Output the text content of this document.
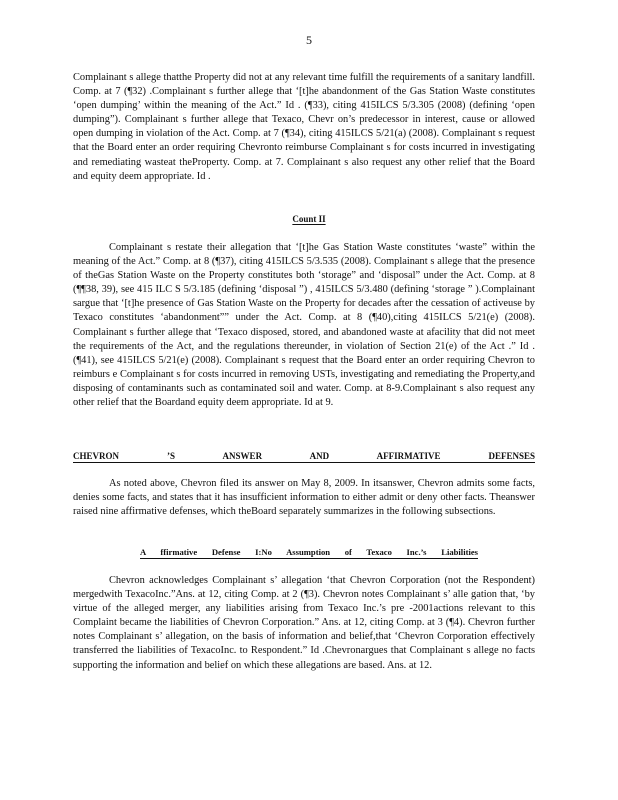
5

Complainant s allege thatthe Property did not at any relevant time fulfill the requirements of a sanitary landfill. Comp. at 7 (¶32) .Complainant s further allege that ‘[t]he abandonment of the Gas Station Waste constitutes ‘open dumping’ within the meaning of the Act.” Id . (¶33), citing 415ILCS 5/3.305 (2008) (defining ‘open dumping”). Complainant s further allege that Texaco, Chevr on’s predecessor in interest, cause or allowed open dumping in violation of the Act. Comp. at 7 (¶34), citing 415ILCS 5/21(a) (2008). Complainant s request that the Board enter an order requiring Chevronto reimburse Complainant s for costs incurred in investigating and remediating wasteat theProperty. Comp. at 7. Complainant s also request any other relief that the Board and equity deem appropriate. Id .

Count II

Complainant s restate their allegation that ‘[t]he Gas Station Waste constitutes ‘waste” within the meaning of the Act.” Comp. at 8 (¶37), citing 415ILCS 5/3.535 (2008). Complainant s allege that the presence of theGas Station Waste on the Property constitutes both ‘storage” and ‘disposal” under the Act. Comp. at 8 (¶¶38, 39), see 415 ILC S 5/3.185 (defining ‘disposal ”) , 415ILCS 5/3.480 (defining ‘storage ” ).Complainant sargue that ‘[t]he presence of Gas Station Waste on the Property for decades after the cessation of activeuse by Texaco constitutes ‘abandonment”” under the Act. Comp. at 8 (¶40),citing 415ILCS 5/21(e) (2008). Complainant s further allege that ‘Texaco disposed, stored, and abandoned waste at afacility that did not meet the requirements of the Act, and the regulations thereunder, in violation of Section 21(e) of the Act .” Id . (¶41), see 415ILCS 5/21(e) (2008). Complainant s request that the Board enter an order requiring Chevron to reimburs e Complainant s for costs incurred in removing USTs, investigating and remediating the Property,and disposing of contaminants such as contaminated soil and water. Comp. at 8-9.Complainant s also request any other relief that the Boardand equity deem appropriate. Id at 9.

CHEVRON ’S ANSWER AND AFFIRMATIVE DEFENSES

As noted above, Chevron filed its answer on May 8, 2009. In itsanswer, Chevron admits some facts, denies some facts, and states that it has insufficient information to either admit or deny other facts. Theanswer raised nine affirmative defenses, which theBoard separately summarizes in the following subsections.

A ffirmative Defense I:No Assumption of Texaco Inc.’s Liabilities

Chevron acknowledges Complainant s’ allegation ‘that Chevron Corporation (not the Respondent) mergedwith TexacoInc.”Ans. at 12, citing Comp. at 2 (¶3). Chevron notes Complainant s’ alle gation that, ‘by virtue of the alleged merger, any liabilities arising from Texaco Inc.’s pre -2001actions relevant to this Complaint became the liabilities of Chevron Corporation.” Ans. at 12, citing Comp. at 3 (¶4). Chevron further notes Complainant s’ allegation, on the basis of information and belief,that ‘Chevron Corporation effectively transferred the liabilities of TexacoInc. to Respondent.” Id .Chevronargues that Complainant s allege no facts supporting the information and belief on which these allegations are based. Ans. at 12.
